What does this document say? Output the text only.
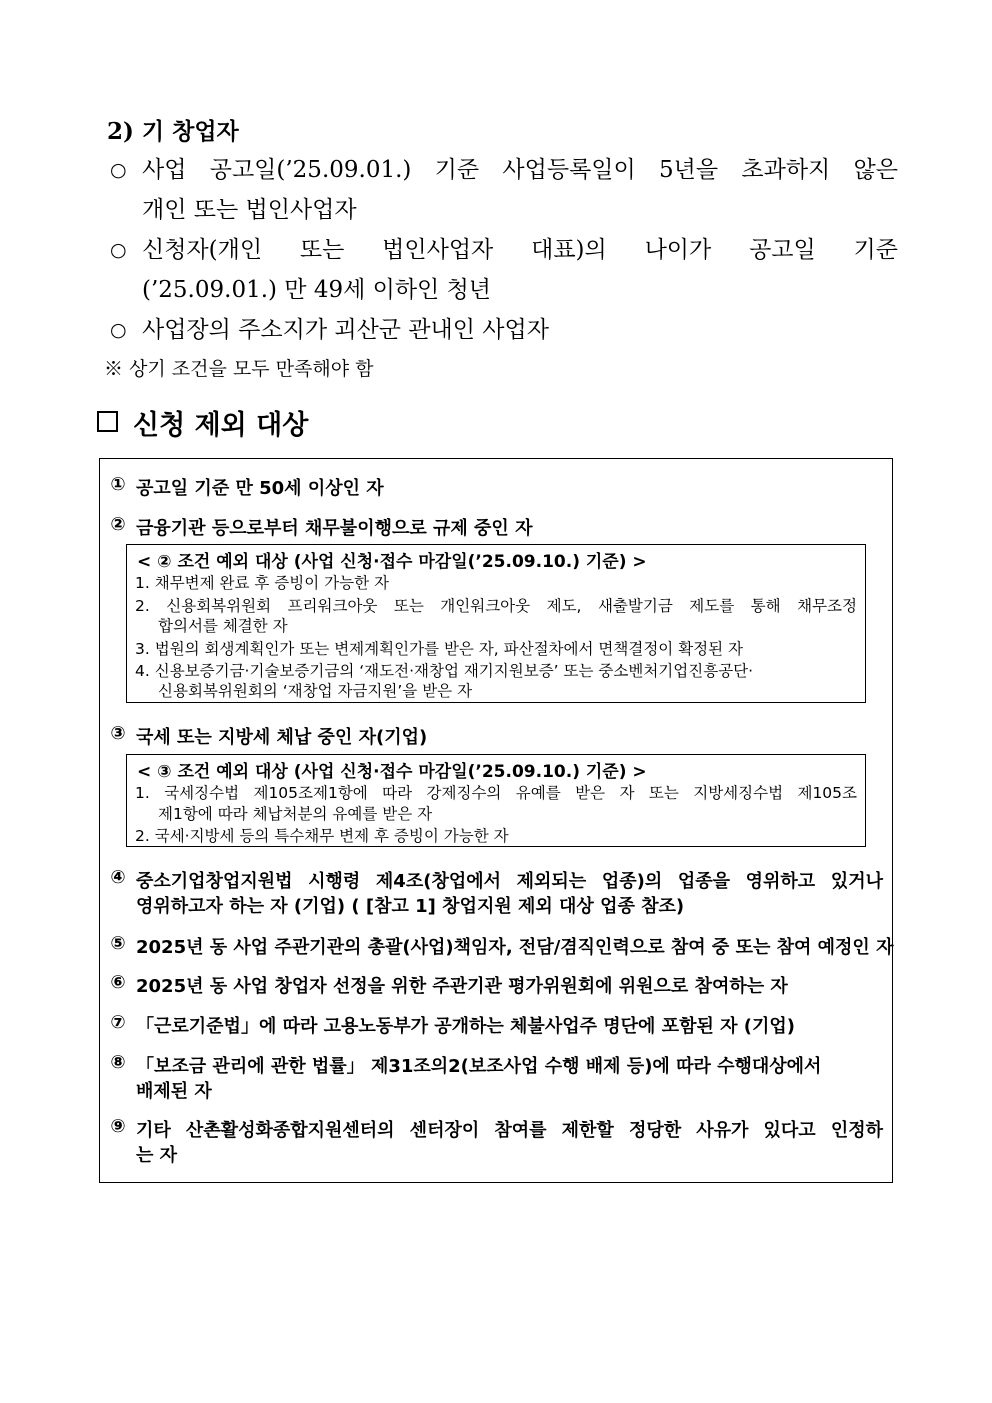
2) 기 창업자
○ 사업 공고일(’25.09.01.) 기준 사업등록일이 5년을 초과하지 않은
개인 또는 법인사업자
○ 신청자(개인 또는 법인사업자 대표)의 나이가 공고일 기준
(’25.09.01.) 만 49세 이하인 청년
○ 사업장의 주소지가 괴산군 관내인 사업자
※ 상기 조건을 모두 만족해야 함
신청 제외 대상
① 공고일 기준 만 50세 이상인 자
② 금융기관 등으로부터 채무불이행으로 규제 중인 자
< ② 조건 예외 대상 (사업 신청·접수 마감일(’25.09.10.) 기준) >
1. 채무변제 완료 후 증빙이 가능한 자
2. 신용회복위원회 프리워크아웃 또는 개인워크아웃 제도, 새출발기금 제도를 통해 채무조정
합의서를 체결한 자
3. 법원의 회생계획인가 또는 변제계획인가를 받은 자, 파산절차에서 면책결정이 확정된 자
4. 신용보증기금·기술보증기금의 ‘재도전·재창업 재기지원보증’ 또는 중소벤처기업진흥공단·
신용회복위원회의 ‘재창업 자금지원’을 받은 자
③ 국세 또는 지방세 체납 중인 자(기업)
< ③ 조건 예외 대상 (사업 신청·접수 마감일(’25.09.10.) 기준) >
1. 국세징수법 제105조제1항에 따라 강제징수의 유예를 받은 자 또는 지방세징수법 제105조
제1항에 따라 체납처분의 유예를 받은 자
2. 국세·지방세 등의 특수채무 변제 후 증빙이 가능한 자
④ 중소기업창업지원법 시행령 제4조(창업에서 제외되는 업종)의 업종을 영위하고 있거나
영위하고자 하는 자 (기업) ( [참고 1] 창업지원 제외 대상 업종 참조)
⑤ 2025년 동 사업 주관기관의 총괄(사업)책임자, 전담/겸직인력으로 참여 중 또는 참여 예정인 자
⑥ 2025년 동 사업 창업자 선정을 위한 주관기관 평가위원회에 위원으로 참여하는 자
⑦ 「근로기준법」에 따라 고용노동부가 공개하는 체불사업주 명단에 포함된 자 (기업)
⑧ 「보조금 관리에 관한 법률」 제31조의2(보조사업 수행 배제 등)에 따라 수행대상에서
배제된 자
⑨ 기타 산촌활성화종합지원센터의 센터장이 참여를 제한할 정당한 사유가 있다고 인정하
는 자
